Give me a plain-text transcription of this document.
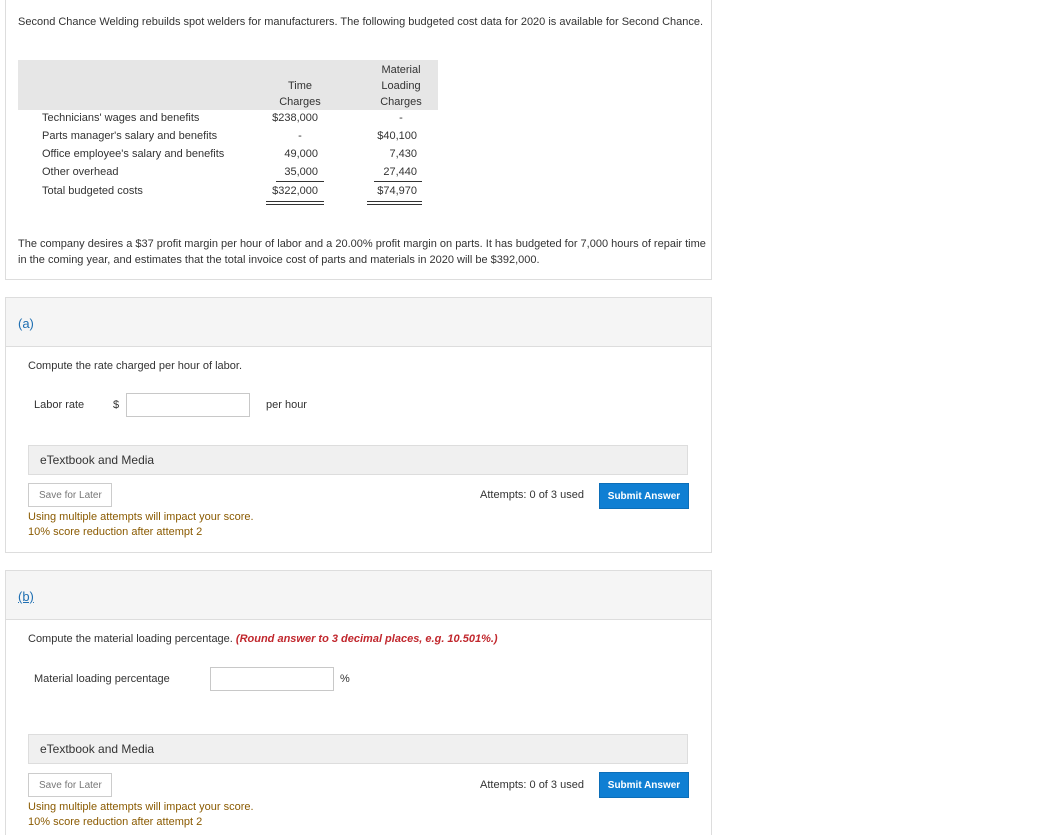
Second Chance Welding rebuilds spot welders for manufacturers. The following budgeted cost data for 2020 is available for Second Chance.
Time
Charges
Material
Loading
Charges
Technicians' wages and benefits	$238,000	-
Parts manager's salary and benefits	-	$40,100
Office employee's salary and benefits	49,000	7,430
Other overhead	35,000	27,440
Total budgeted costs	$322,000	$74,970
The company desires a $37 profit margin per hour of labor and a 20.00% profit margin on parts. It has budgeted for 7,000 hours of repair time in the coming year, and estimates that the total invoice cost of parts and materials in 2020 will be $392,000.
(a)
Compute the rate charged per hour of labor.
Labor rate	$	per hour
eTextbook and Media
Save for Later	Attempts: 0 of 3 used	Submit Answer
Using multiple attempts will impact your score.
10% score reduction after attempt 2
(b)
Compute the material loading percentage. (Round answer to 3 decimal places, e.g. 10.501%.)
Material loading percentage	%
eTextbook and Media
Save for Later	Attempts: 0 of 3 used	Submit Answer
Using multiple attempts will impact your score.
10% score reduction after attempt 2
